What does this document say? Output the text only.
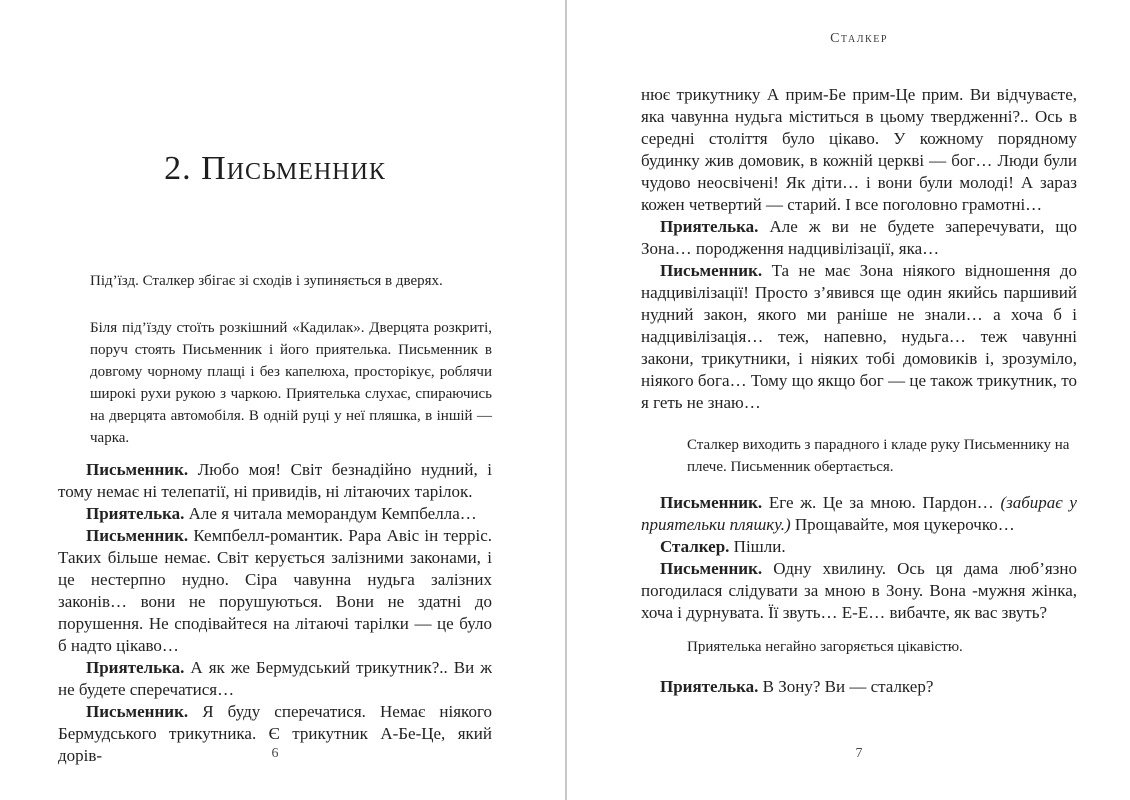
2. Письменник

Під’їзд. Сталкер збігає зі сходів і зупиняється в дверях.

Біля під’їзду стоїть розкішний «Кадилак». Дверцята розкриті, поруч стоять Письменник і його приятелька. Письменник в довгому чорному плащі і без капелюха, просторікує, роблячи широкі рухи рукою з чаркою. Приятелька слухає, спираючись на дверцята автомобіля. В одній руці у неї пляшка, в іншій — чарка.

Письменник. Любо моя! Світ безнадійно нудний, і тому немає ні телепатії, ні привидів, ні літаючих тарілок.

Приятелька. Але я читала меморандум Кемпбелла…

Письменник. Кемпбелл-романтик. Рара Авіс ін терріс. Таких більше немає. Світ керується залізними законами, і це нестерпно нудно. Сіра чавунна нудьга залізних законів… вони не порушуються. Вони не здатні до порушення. Не сподівайтеся на літаючі тарілки — це було б надто цікаво…

Приятелька. А як же Бермудський трикутник?.. Ви ж не будете сперечатися…

Письменник. Я буду сперечатися. Немає ніякого Бермудського трикутника. Є трикутник А-Бе-Це, який дорів-	6
Сталкер

нює трикутнику А прим-Бе прим-Це прим. Ви відчуваєте, яка чавунна нудьга міститься в цьому твердженні?.. Ось в середні століття було цікаво. У кожному порядному будинку жив домовик, в кожній церкві — бог… Люди були чудово неосвічені! Як діти… і вони були молоді! А зараз кожен четвертий — старий. І все поголовно грамотні…

Приятелька. Але ж ви не будете заперечувати, що Зона… породження надцивілізації, яка…

Письменник. Та не має Зона ніякого відношення до надцивілізації! Просто з’явився ще один якийсь паршивий нудний закон, якого ми раніше не знали… а хоча б і надцивілізація… теж, напевно, нудьга… теж чавунні закони, трикутники, і ніяких тобі домовиків і, зрозуміло, ніякого бога… Тому що якщо бог — це також трикутник, то я геть не знаю…

Сталкер виходить з парадного і кладе руку Письменнику на плече. Письменник обертається.

Письменник. Еге ж. Це за мною. Пардон… (забирає у приятельки пляшку.) Прощавайте, моя цукерочко…

Сталкер. Пішли.

Письменник. Одну хвилину. Ось ця дама люб’язно погодилася слідувати за мною в Зону. Вона -мужня жінка, хоча і дурнувата. Її звуть… Е-Е… вибачте, як вас звуть?

Приятелька негайно загоряється цікавістю.

Приятелька. В Зону? Ви — сталкер?

7
